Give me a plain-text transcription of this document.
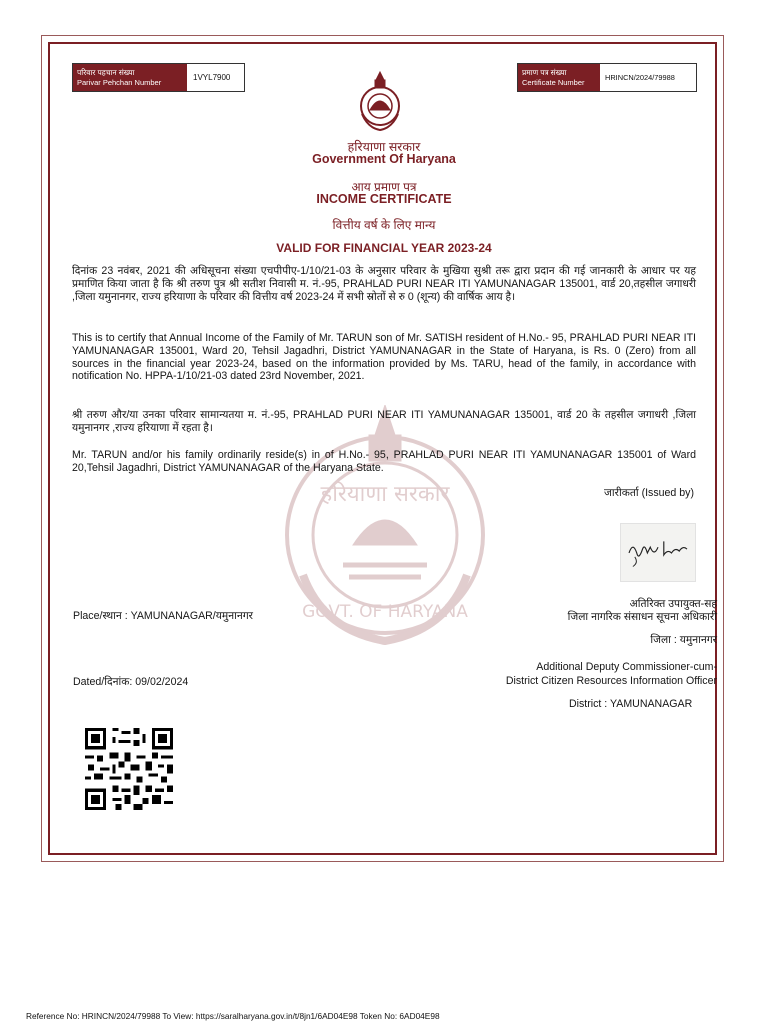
हरियाणा सरकार
GOVT. OF HARYANA
परिवार पहचान संख्या
Parivar Pehchan Number	1VYL7900
प्रमाण पत्र संख्या
Certificate Number	HRINCN/2024/79988
हरियाणा सरकार
Government Of Haryana
आय प्रमाण पत्र
INCOME CERTIFICATE
वित्तीय वर्ष के लिए मान्य
VALID FOR FINANCIAL YEAR 2023-24
दिनांक 23 नवंबर, 2021 की अधिसूचना संख्या एचपीपीए-1/10/21-03 के अनुसार परिवार के मुखिया सुश्री तरू द्वारा प्रदान की गई जानकारी के आधार पर यह प्रमाणित किया जाता है कि श्री तरुण पुत्र श्री सतीश निवासी म. नं.-95, PRAHLAD PURI NEAR ITI YAMUNANAGAR 135001, वार्ड 20,तहसील जगाधरी ,जिला यमुनानगर, राज्य हरियाणा के परिवार की वित्तीय वर्ष 2023-24 में सभी स्रोतों से रु 0 (शून्य) की वार्षिक आय है।
This is to certify that Annual Income of the Family of Mr. TARUN son of Mr. SATISH resident of H.No.- 95, PRAHLAD PURI NEAR ITI YAMUNANAGAR 135001, Ward 20, Tehsil Jagadhri, District YAMUNANAGAR in the State of Haryana, is Rs. 0 (Zero) from all sources in the financial year 2023-24, based on the information provided by Ms. TARU, head of the family, in accordance with notification No. HPPA-1/10/21-03 dated 23rd November, 2021.
श्री तरुण और/या उनका परिवार सामान्यतया म. नं.-95, PRAHLAD PURI NEAR ITI YAMUNANAGAR 135001, वार्ड 20 के तहसील जगाधरी ,जिला यमुनानगर ,राज्य हरियाणा में रहता है।
Mr. TARUN and/or his family ordinarily reside(s) in of H.No.- 95, PRAHLAD PURI NEAR ITI YAMUNANAGAR 135001 of Ward 20,Tehsil Jagadhri, District YAMUNANAGAR of the Haryana State.
जारीकर्ता (Issued by)
Place/स्थान : YAMUNANAGAR/यमुनानगर
Dated/दिनांक: 09/02/2024
अतिरिक्त उपायुक्त-सह
जिला नागरिक संसाधन सूचना अधिकारी
जिला : यमुनानगर
Additional Deputy Commissioner-cum-
District Citizen Resources Information Officer
District : YAMUNANAGAR
Reference No: HRINCN/2024/79988 To View: https://saralharyana.gov.in/t/8jn1/6AD04E98 Token No: 6AD04E98
